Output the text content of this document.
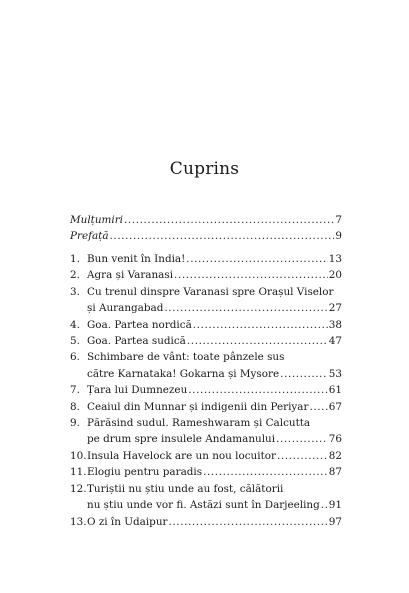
Cuprins
Mulțumiri .....	7
Prefață .....	9
1. Bun venit în India! .....	13
2. Agra și Varanasi .....	20
3. Cu trenul dinspre Varanasi spre Orașul Viselor
și Aurangabad .....	27
4. Goa. Partea nordică .....	38
5. Goa. Partea sudică .....	47
6. Schimbare de vânt: toate pânzele sus
către Karnataka! Gokarna și Mysore .....	53
7. Țara lui Dumnezeu .....	61
8. Ceaiul din Munnar și indigenii din Periyar ..... 67
9. Părăsind sudul. Rameshwaram și Calcutta
pe drum spre insulele Andamanului .....	76
10. Insula Havelock are un nou locuitor .....	82
11. Elogiu pentru paradis .....	87
12. Turiștii nu știu unde au fost, călătorii
nu știu unde vor fi. Astăzi sunt în Darjeeling ..... 91
13. O zi în Udaipur .....	97
